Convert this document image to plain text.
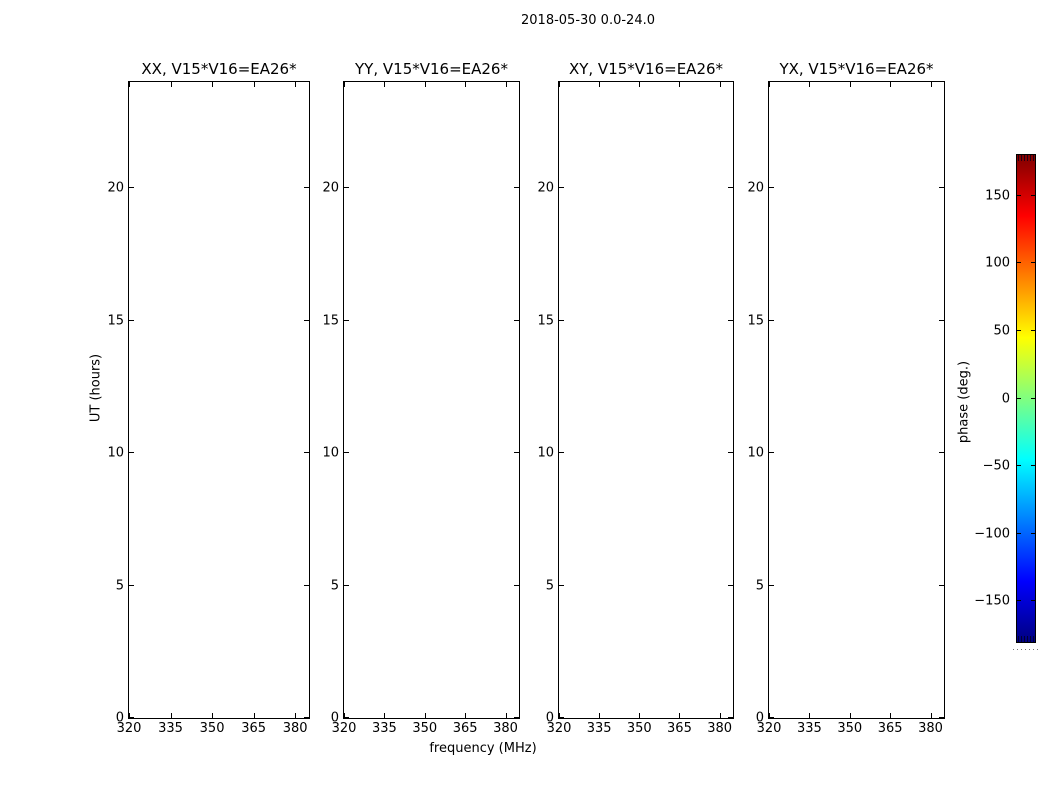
2018-05-30 0.0-24.0
XX, V15*V16=EA26*
320 335 350 365 380
0
5
10
15
20
YY, V15*V16=EA26*
320 335 350 365 380
0
5
10
15
20
XY, V15*V16=EA26*
320 335 350 365 380
0
5
10
15
20
YX, V15*V16=EA26*
320 335 350 365 380
0
5
10
15
20
UT (hours)
frequency (MHz)
150
100
50
0
−50
−100
−150
phase (deg.)
